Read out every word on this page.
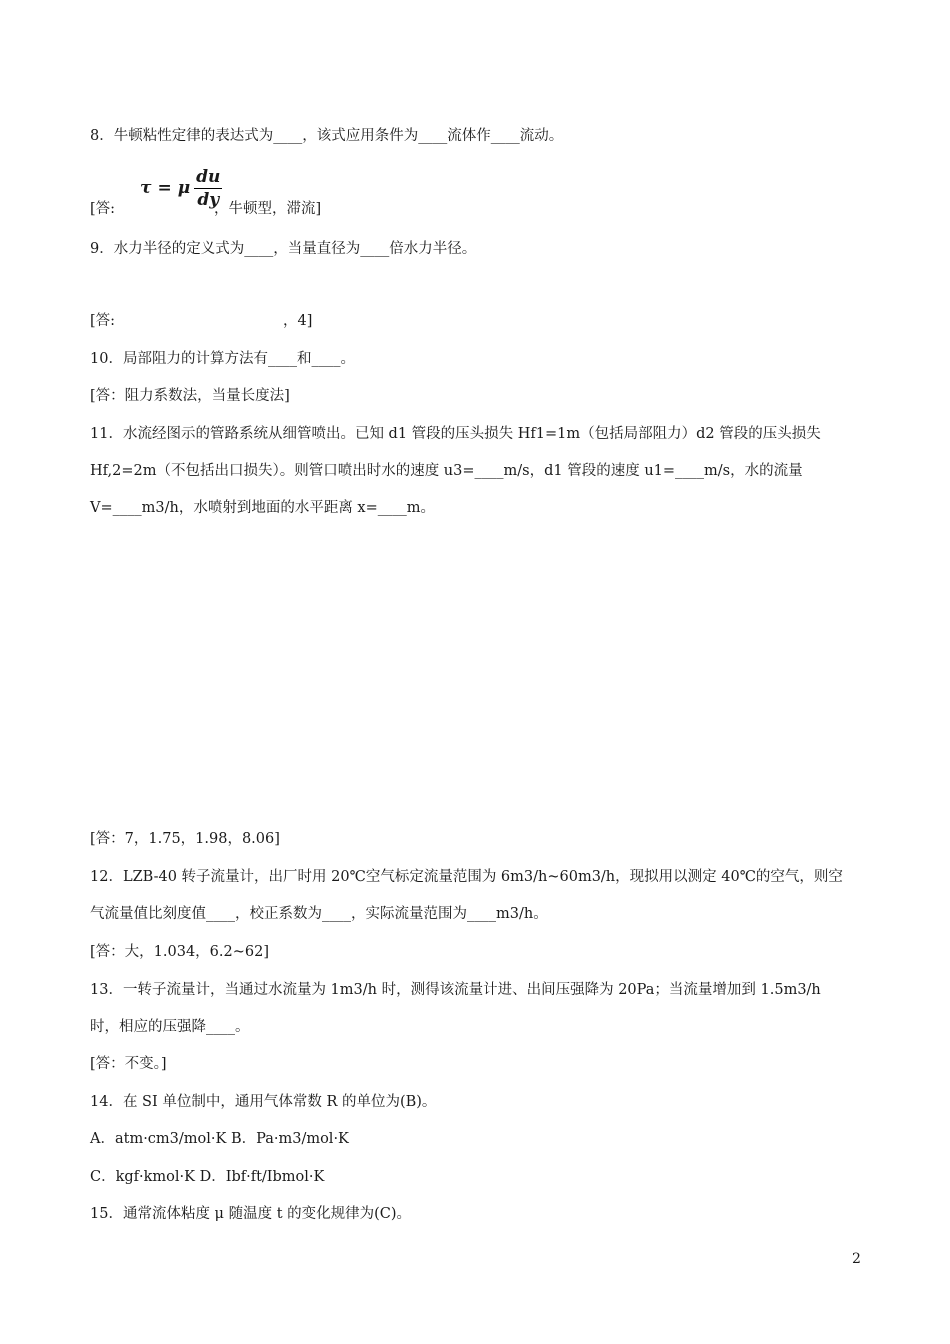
8．牛顿粘性定律的表达式为____，该式应用条件为____流体作____流动。
τ = μ $\frac{du}{dy}$
[答:	，牛顿型，滞流]
9．水力半径的定义式为____，当量直径为____倍水力半径。
[答:	，4]
10．局部阻力的计算方法有____和____。
[答：阻力系数法，当量长度法]
11．水流经图示的管路系统从细管喷出。已知 d1 管段的压头损失 Hf1=1m（包括局部阻力）d2 管段的压头损失
Hf,2=2m（不包括出口损失）。则管口喷出时水的速度 u3=____m/s，d1 管段的速度 u1=____m/s，水的流量
V=____m3/h，水喷射到地面的水平距离 x=____m。
[答：7，1.75，1.98，8.06]
12．LZB-40 转子流量计，出厂时用 20℃空气标定流量范围为 6m3/h~60m3/h，现拟用以测定 40℃的空气，则空
气流量值比刻度值____，校正系数为____，实际流量范围为____m3/h。
[答：大，1.034，6.2~62]
13．一转子流量计，当通过水流量为 1m3/h 时，测得该流量计进、出间压强降为 20Pa；当流量增加到 1.5m3/h
时，相应的压强降____。
[答：不变。]
14．在 SI 单位制中，通用气体常数 R 的单位为(B)。
A．atm·cm3/mol·K B．Pa·m3/mol·K
C．kgf·kmol·K D．Ibf·ft/Ibmol·K
15．通常流体粘度 μ 随温度 t 的变化规律为(C)。
2
